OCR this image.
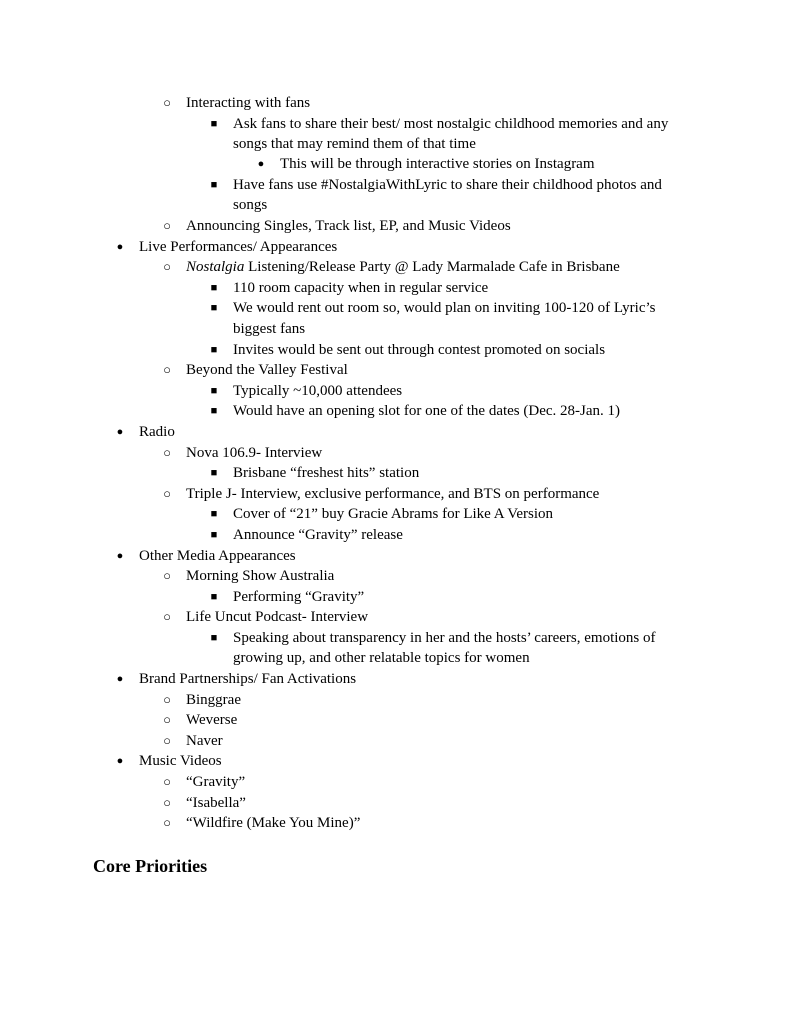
○ Interacting with fans
■ Ask fans to share their best/ most nostalgic childhood memories and any
songs that may remind them of that time
● This will be through interactive stories on Instagram
■ Have fans use #NostalgiaWithLyric to share their childhood photos and
songs
○ Announcing Singles, Track list, EP, and Music Videos
● Live Performances/ Appearances
○ Nostalgia Listening/Release Party @ Lady Marmalade Cafe in Brisbane
■ 110 room capacity when in regular service
■ We would rent out room so, would plan on inviting 100-120 of Lyric’s
biggest fans
■ Invites would be sent out through contest promoted on socials
○ Beyond the Valley Festival
■ Typically ~10,000 attendees
■ Would have an opening slot for one of the dates (Dec. 28-Jan. 1)
● Radio
○ Nova 106.9- Interview
■ Brisbane “freshest hits” station
○ Triple J- Interview, exclusive performance, and BTS on performance
■ Cover of “21” buy Gracie Abrams for Like A Version
■ Announce “Gravity” release
● Other Media Appearances
○ Morning Show Australia
■ Performing “Gravity”
○ Life Uncut Podcast- Interview
■ Speaking about transparency in her and the hosts’ careers, emotions of
growing up, and other relatable topics for women
● Brand Partnerships/ Fan Activations
○ Binggrae
○ Weverse
○ Naver
● Music Videos
○ “Gravity”
○ “Isabella”
○ “Wildfire (Make You Mine)”
Core Priorities
